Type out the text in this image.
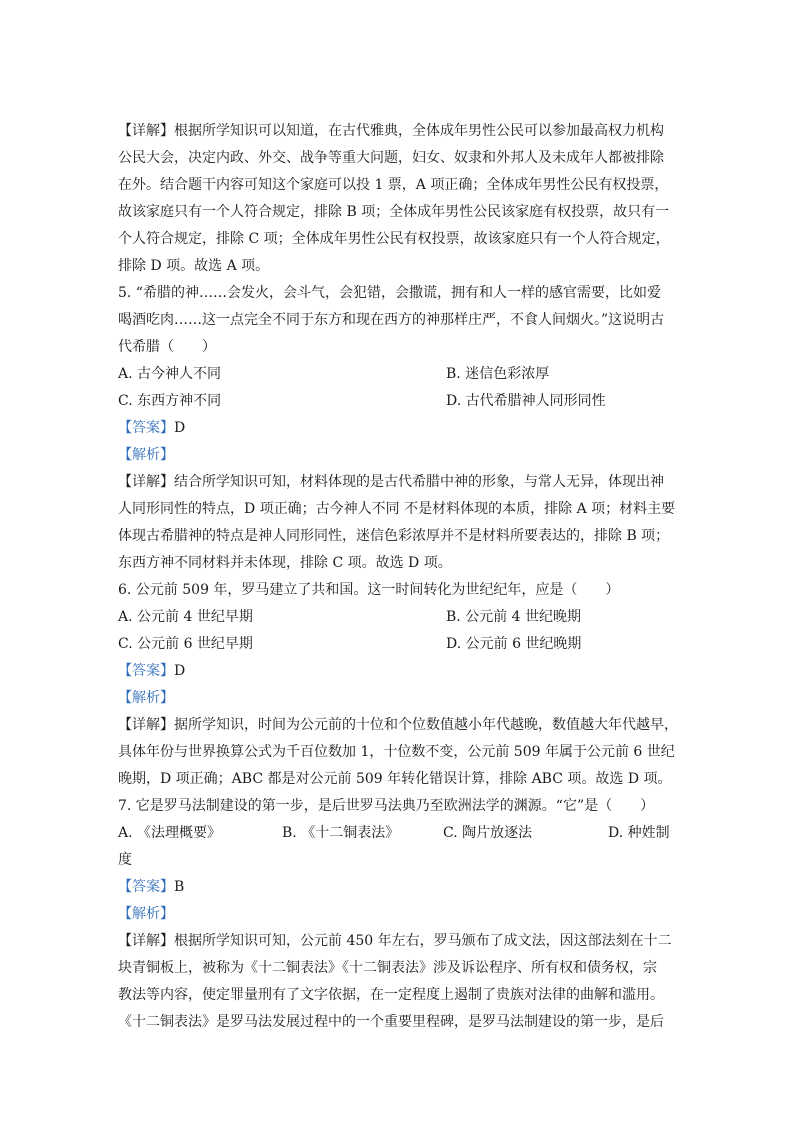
【详解】根据所学知识可以知道，在古代雅典，全体成年男性公民可以参加最高权力机构
公民大会，决定内政、外交、战争等重大问题，妇女、奴隶和外邦人及未成年人都被排除
在外。结合题干内容可知这个家庭可以投 1 票，A 项正确；全体成年男性公民有权投票，
故该家庭只有一个人符合规定，排除 B 项；全体成年男性公民该家庭有权投票，故只有一
个人符合规定，排除 C 项；全体成年男性公民有权投票，故该家庭只有一个人符合规定，
排除 D 项。故选 A 项。
5. “希腊的神……会发火，会斗气，会犯错，会撒谎，拥有和人一样的感官需要，比如爱
喝酒吃肉……这一点完全不同于东方和现在西方的神那样庄严，不食人间烟火。”这说明古
代希腊（　　）
A. 古今神人不同	B. 迷信色彩浓厚
C. 东西方神不同	D. 古代希腊神人同形同性
【答案】D
【解析】
【详解】结合所学知识可知，材料体现的是古代希腊中神的形象，与常人无异，体现出神
人同形同性的特点，D 项正确；古今神人不同 不是材料体现的本质，排除 A 项；材料主要
体现古希腊神的特点是神人同形同性，迷信色彩浓厚并不是材料所要表达的，排除 B 项；
东西方神不同材料并未体现，排除 C 项。故选 D 项。
6. 公元前 509 年，罗马建立了共和国。这一时间转化为世纪纪年，应是（　　）
A. 公元前 4 世纪早期	B. 公元前 4 世纪晚期
C. 公元前 6 世纪早期	D. 公元前 6 世纪晚期
【答案】D
【解析】
【详解】据所学知识，时间为公元前的十位和个位数值越小年代越晚，数值越大年代越早，
具体年份与世界换算公式为千百位数加 1，十位数不变，公元前 509 年属于公元前 6 世纪
晚期，D 项正确；ABC 都是对公元前 509 年转化错误计算，排除 ABC 项。故选 D 项。
7. 它是罗马法制建设的第一步，是后世罗马法典乃至欧洲法学的渊源。“它”是（　　）
A. 《法理概要》	B. 《十二铜表法》	C. 陶片放逐法	D. 种姓制
度
【答案】B
【解析】
【详解】根据所学知识可知，公元前 450 年左右，罗马颁布了成文法，因这部法刻在十二
块青铜板上，被称为《十二铜表法》《十二铜表法》涉及诉讼程序、所有权和债务权，宗
教法等内容，使定罪量刑有了文字依据，在一定程度上遏制了贵族对法律的曲解和滥用。
《十二铜表法》是罗马法发展过程中的一个重要里程碑，是罗马法制建设的第一步，是后
